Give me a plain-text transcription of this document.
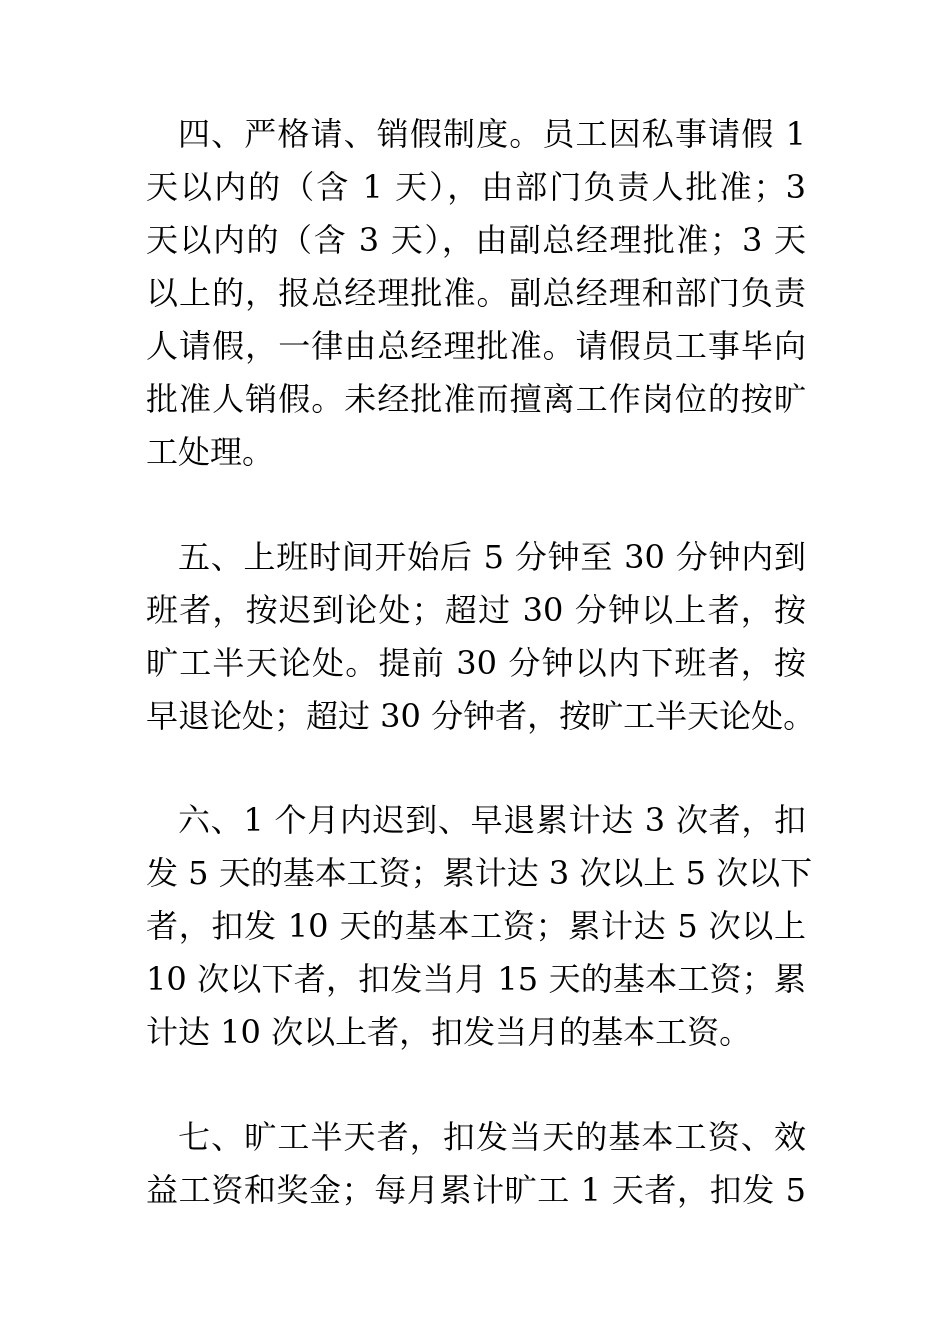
四、严格请、销假制度。员工因私事请假 1
天以内的（含 1 天），由部门负责人批准；3
天以内的（含 3 天），由副总经理批准；3 天
以上的，报总经理批准。副总经理和部门负责
人请假，一律由总经理批准。请假员工事毕向
批准人销假。未经批准而擅离工作岗位的按旷
工处理。
五、上班时间开始后 5 分钟至 30 分钟内到
班者，按迟到论处；超过 30 分钟以上者，按
旷工半天论处。提前 30 分钟以内下班者，按
早退论处；超过 30 分钟者，按旷工半天论处。
六、1 个月内迟到、早退累计达 3 次者，扣
发 5 天的基本工资；累计达 3 次以上 5 次以下
者，扣发 10 天的基本工资；累计达 5 次以上
10 次以下者，扣发当月 15 天的基本工资；累
计达 10 次以上者，扣发当月的基本工资。
七、旷工半天者，扣发当天的基本工资、效
益工资和奖金；每月累计旷工 1 天者，扣发 5
